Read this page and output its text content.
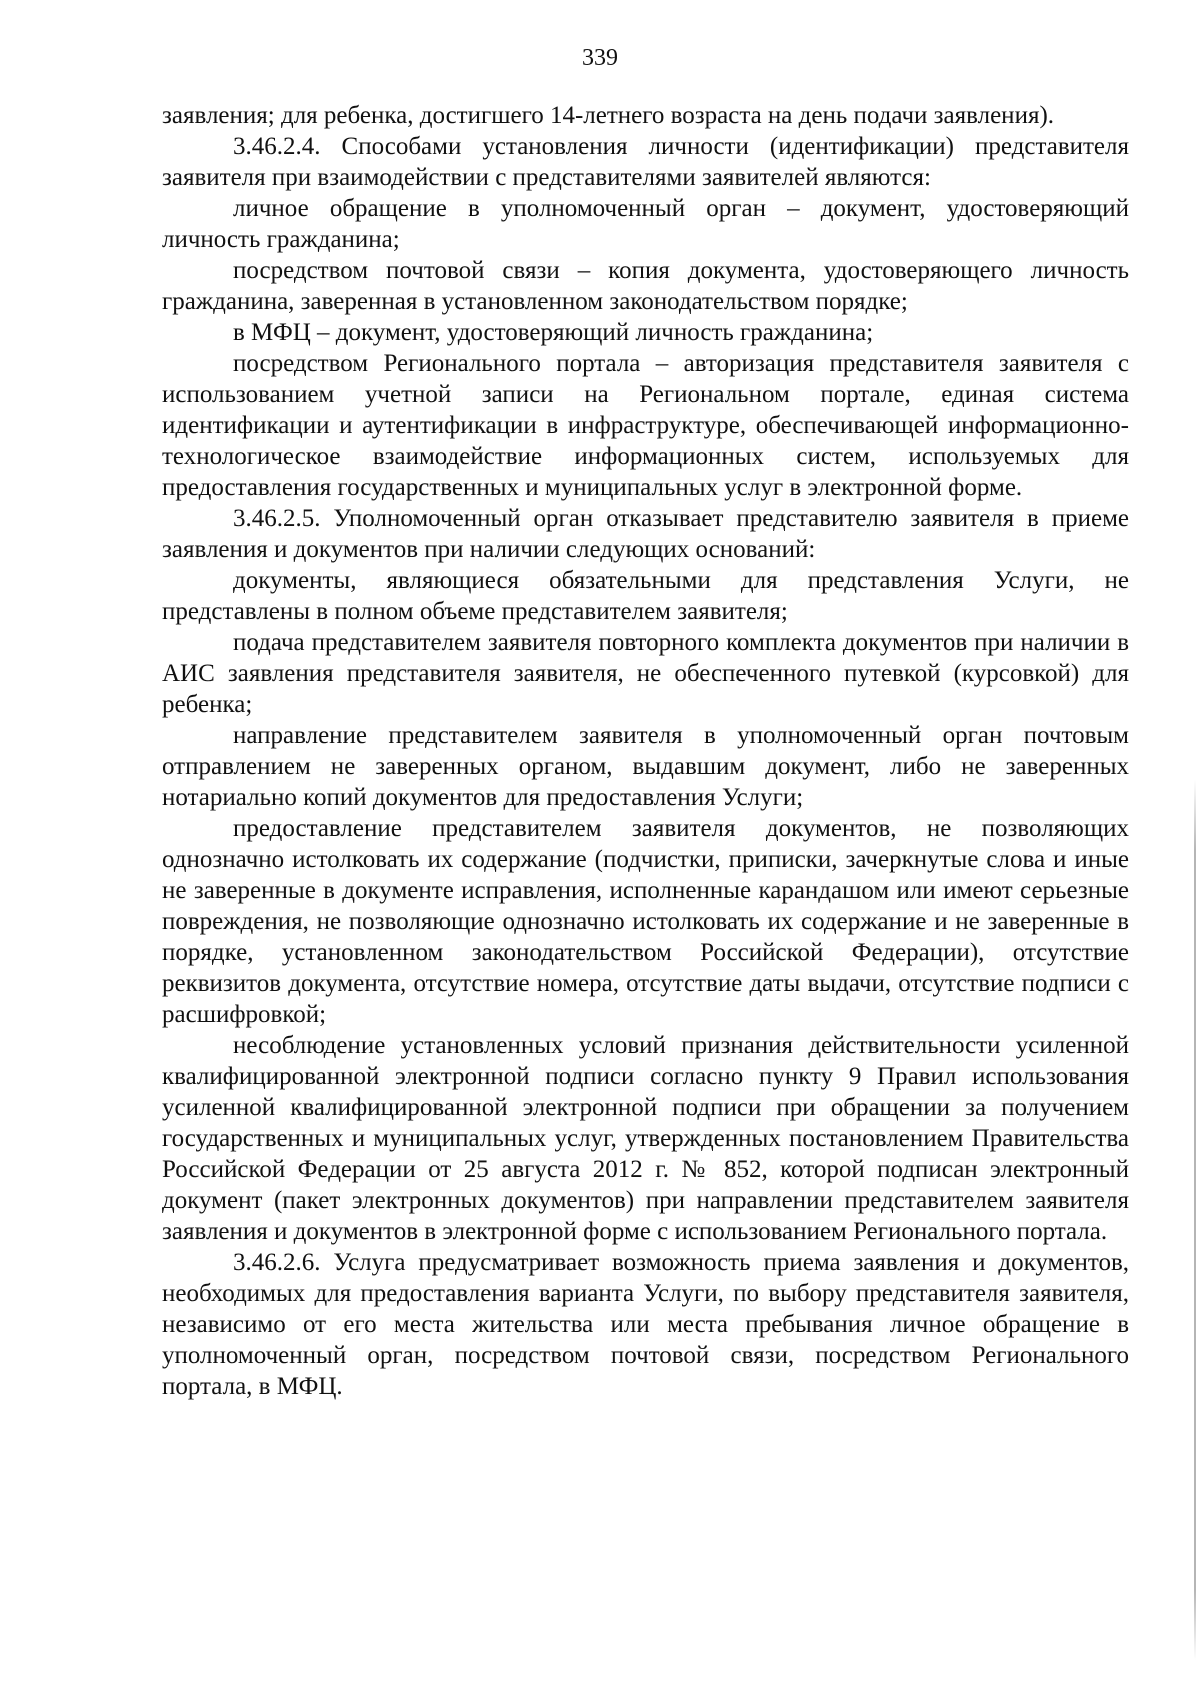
339

заявления; для ребенка, достигшего 14-летнего возраста на день подачи заявления).

3.46.2.4. Способами установления личности (идентификации) представителя заявителя при взаимодействии с представителями заявителей являются:

личное обращение в уполномоченный орган – документ, удостоверяющий личность гражданина;

посредством почтовой связи – копия документа, удостоверяющего личность гражданина, заверенная в установленном законодательством порядке;

в МФЦ – документ, удостоверяющий личность гражданина;

посредством Регионального портала – авторизация представителя заявителя с использованием учетной записи на Региональном портале, единая система идентификации и аутентификации в инфраструктуре, обеспечивающей информационно-технологическое взаимодействие информационных систем, используемых для предоставления государственных и муниципальных услуг в электронной форме.

3.46.2.5. Уполномоченный орган отказывает представителю заявителя в приеме заявления и документов при наличии следующих оснований:

документы, являющиеся обязательными для представления Услуги, не представлены в полном объеме представителем заявителя;

подача представителем заявителя повторного комплекта документов при наличии в АИС заявления представителя заявителя, не обеспеченного путевкой (курсовкой) для ребенка;

направление представителем заявителя в уполномоченный орган почтовым отправлением не заверенных органом, выдавшим документ, либо не заверенных нотариально копий документов для предоставления Услуги;

предоставление представителем заявителя документов, не позволяющих однозначно истолковать их содержание (подчистки, приписки, зачеркнутые слова и иные не заверенные в документе исправления, исполненные карандашом или имеют серьезные повреждения, не позволяющие однозначно истолковать их содержание и не заверенные в порядке, установленном законодательством Российской Федерации), отсутствие реквизитов документа, отсутствие номера, отсутствие даты выдачи, отсутствие подписи с расшифровкой;

несоблюдение установленных условий признания действительности усиленной квалифицированной электронной подписи согласно пункту 9 Правил использования усиленной квалифицированной электронной подписи при обращении за получением государственных и муниципальных услуг, утвержденных постановлением Правительства Российской Федерации от 25 августа 2012 г. № 852, которой подписан электронный документ (пакет электронных документов) при направлении представителем заявителя заявления и документов в электронной форме с использованием Регионального портала.

3.46.2.6. Услуга предусматривает возможность приема заявления и документов, необходимых для предоставления варианта Услуги, по выбору представителя заявителя, независимо от его места жительства или места пребывания личное обращение в уполномоченный орган, посредством почтовой связи, посредством Регионального портала, в МФЦ.
